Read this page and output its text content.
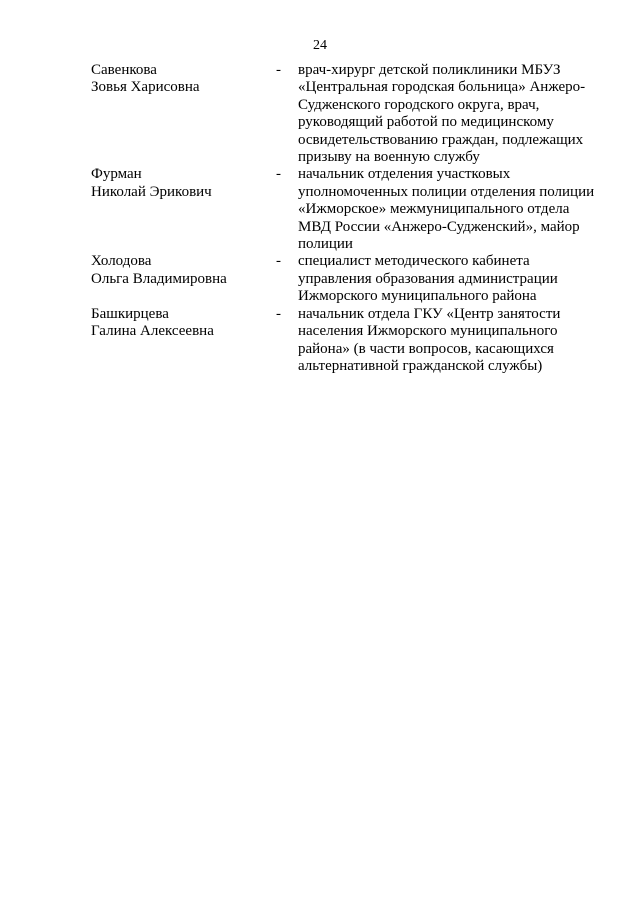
24
Савенкова
Зовья Харисовна
- врач-хирург детской поликлиники МБУЗ
«Центральная городская больница» Анжеро-
Судженского городского округа, врач,
руководящий работой по медицинскому
освидетельствованию граждан, подлежащих
призыву на военную службу
Фурман
Николай Эрикович
- начальник отделения участковых
уполномоченных полиции отделения полиции
«Ижморское» межмуниципального отдела
МВД России «Анжеро-Судженский», майор
полиции
Холодова
Ольга Владимировна
- специалист методического кабинета
управления образования администрации
Ижморского муниципального района
Башкирцева
Галина Алексеевна
- начальник отдела ГКУ «Центр занятости
населения Ижморского муниципального
района» (в части вопросов, касающихся
альтернативной гражданской службы)
